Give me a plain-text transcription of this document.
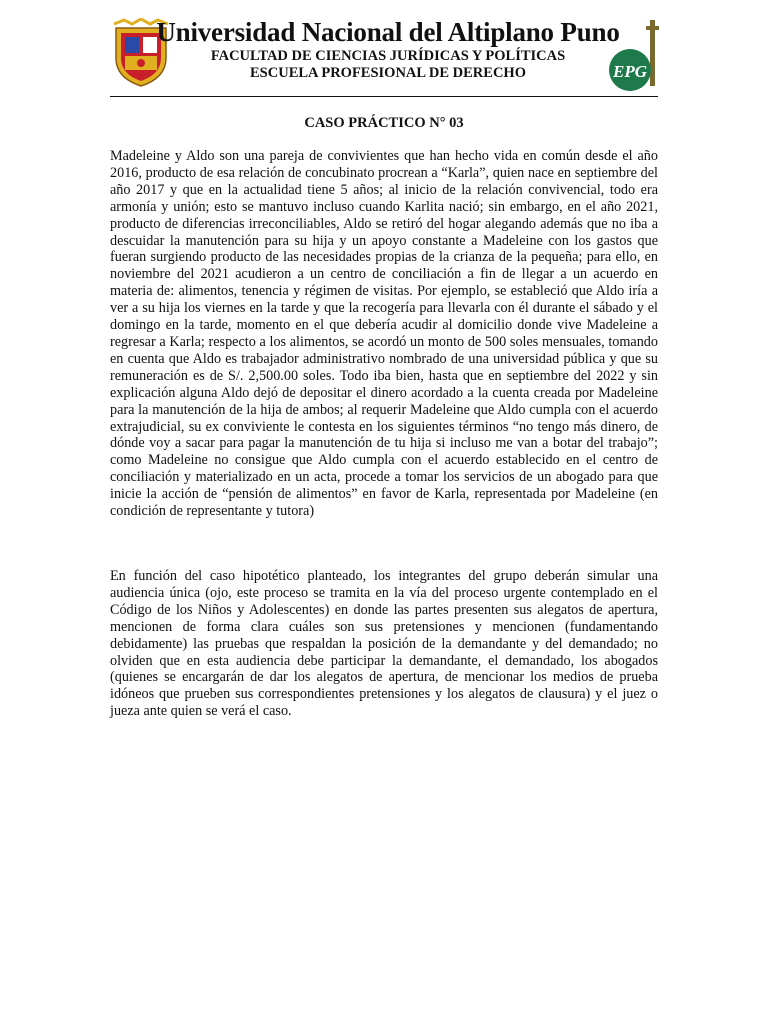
Universidad Nacional del Altiplano Puno
FACULTAD DE CIENCIAS JURÍDICAS Y POLÍTICAS
ESCUELA PROFESIONAL DE DERECHO	EPG
CASO PRÁCTICO N° 03

Madeleine y Aldo son una pareja de convivientes que han hecho vida en común desde el año 2016, producto de esa relación de concubinato procrean a “Karla”, quien nace en septiembre del año 2017 y que en la actualidad tiene 5 años; al inicio de la relación convivencial, todo era armonía y unión; esto se mantuvo incluso cuando Karlita nació; sin embargo, en el año 2021, producto de diferencias irreconciliables, Aldo se retiró del hogar alegando además que no iba a descuidar la manutención para su hija y un apoyo constante a Madeleine con los gastos que fueran surgiendo producto de las necesidades propias de la crianza de la pequeña; para ello, en noviembre del 2021 acudieron a un centro de conciliación a fin de llegar a un acuerdo en materia de: alimentos, tenencia y régimen de visitas. Por ejemplo, se estableció que Aldo iría a ver a su hija los viernes en la tarde y que la recogería para llevarla con él durante el sábado y el domingo en la tarde, momento en el que debería acudir al domicilio donde vive Madeleine a regresar a Karla; respecto a los alimentos, se acordó un monto de 500 soles mensuales, tomando en cuenta que Aldo es trabajador administrativo nombrado de una universidad pública y que su remuneración es de S/. 2,500.00 soles. Todo iba bien, hasta que en septiembre del 2022 y sin explicación alguna Aldo dejó de depositar el dinero acordado a la cuenta creada por Madeleine para la manutención de la hija de ambos; al requerir Madeleine que Aldo cumpla con el acuerdo extrajudicial, su ex conviviente le contesta en los siguientes términos “no tengo más dinero, de dónde voy a sacar para pagar la manutención de tu hija si incluso me van a botar del trabajo”; como Madeleine no consigue que Aldo cumpla con el acuerdo establecido en el centro de conciliación y materializado en un acta, procede a tomar los servicios de un abogado para que inicie la acción de “pensión de alimentos” en favor de Karla, representada por Madeleine (en condición de representante y tutora)

En función del caso hipotético planteado, los integrantes del grupo deberán simular una audiencia única (ojo, este proceso se tramita en la vía del proceso urgente contemplado en el Código de los Niños y Adolescentes) en donde las partes presenten sus alegatos de apertura, mencionen de forma clara cuáles son sus pretensiones y mencionen (fundamentando debidamente) las pruebas que respaldan la posición de la demandante y del demandado; no olviden que en esta audiencia debe participar la demandante, el demandado, los abogados (quienes se encargarán de dar los alegatos de apertura, de mencionar los medios de prueba idóneos que prueben sus correspondientes pretensiones y los alegatos de clausura) y el juez o jueza ante quien se verá el caso.
